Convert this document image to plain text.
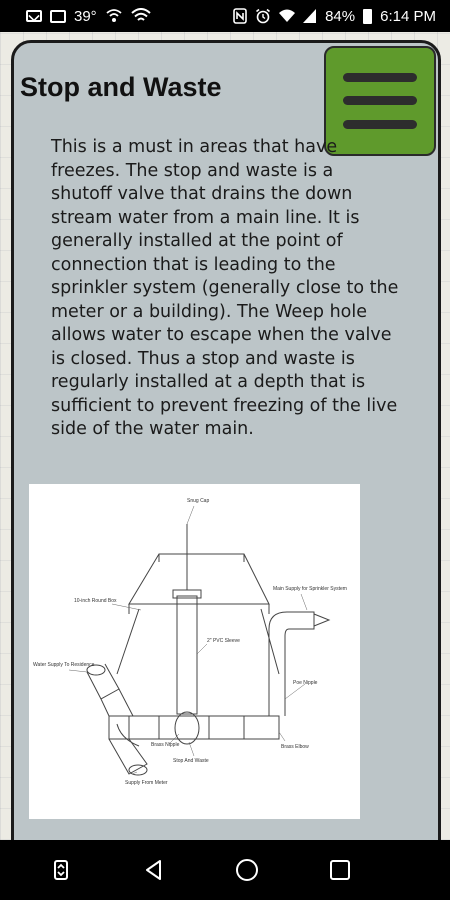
39°	84% 6:14 PM
Stop and Waste
This is a must in areas that have
freezes. The stop and waste is a
shutoff valve that drains the down
stream water from a main line. It is
generally installed at the point of
connection that is leading to the
sprinkler system (generally close to the
meter or a building). The Weep hole
allows water to escape when the valve
is closed. Thus a stop and waste is
regularly installed at a depth that is
sufficient to prevent freezing of the live
side of the water main.
Snug Cap
10-inch Round Box
Main Supply for Sprinkler System
2" PVC Sleeve
Water Supply To Residence
Poe Nipple
Brass Nipple
Stop And Waste
Brass Elbow
Supply From Meter
